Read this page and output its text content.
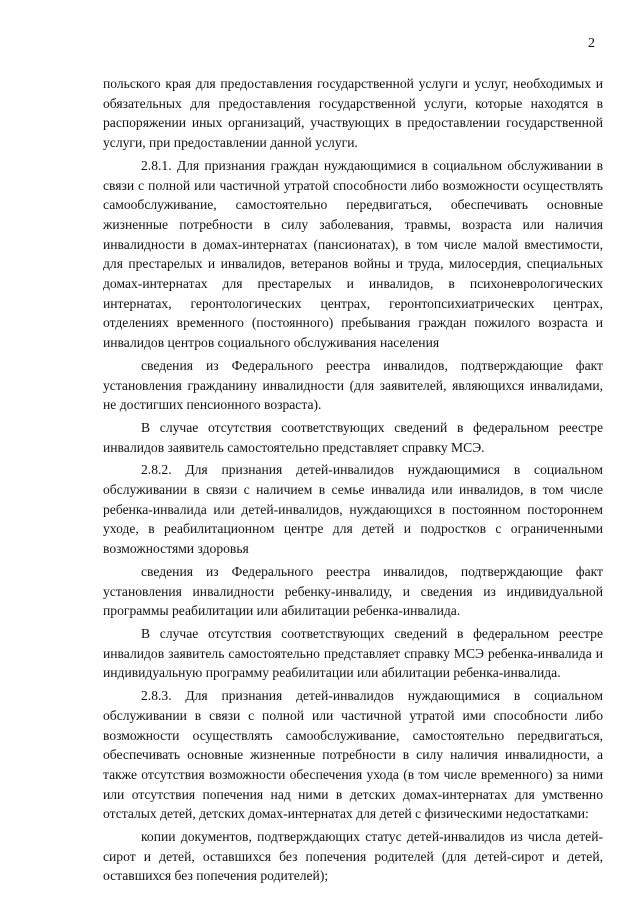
2

польского края для предоставления государственной услуги и услуг, необходимых и обязательных для предоставления государственной услуги, которые находятся в распоряжении иных организаций, участвующих в предоставлении государственной услуги, при предоставлении данной услуги.

2.8.1. Для признания граждан нуждающимися в социальном обслуживании в связи с полной или частичной утратой способности либо возможности осуществлять самообслуживание, самостоятельно передвигаться, обеспечивать основные жизненные потребности в силу заболевания, травмы, возраста или наличия инвалидности в домах-интернатах (пансионатах), в том числе малой вместимости, для престарелых и инвалидов, ветеранов войны и труда, милосердия, специальных домах-интернатах для престарелых и инвалидов, в психоневрологических интернатах, геронтологических центрах, геронтопсихиатрических центрах, отделениях временного (постоянного) пребывания граждан пожилого возраста и инвалидов центров социального обслуживания населения

сведения из Федерального реестра инвалидов, подтверждающие факт установления гражданину инвалидности (для заявителей, являющихся инвалидами, не достигших пенсионного возраста).

В случае отсутствия соответствующих сведений в федеральном реестре инвалидов заявитель самостоятельно представляет справку МСЭ.

2.8.2. Для признания детей-инвалидов нуждающимися в социальном обслуживании в связи с наличием в семье инвалида или инвалидов, в том числе ребенка-инвалида или детей-инвалидов, нуждающихся в постоянном постороннем уходе, в реабилитационном центре для детей и подростков с ограниченными возможностями здоровья

сведения из Федерального реестра инвалидов, подтверждающие факт установления инвалидности ребенку-инвалиду, и сведения из индивидуальной программы реабилитации или абилитации ребенка-инвалида.

В случае отсутствия соответствующих сведений в федеральном реестре инвалидов заявитель самостоятельно представляет справку МСЭ ребенка-инвалида и индивидуальную программу реабилитации или абилитации ребенка-инвалида.

2.8.3. Для признания детей-инвалидов нуждающимися в социальном обслуживании в связи с полной или частичной утратой ими способности либо возможности осуществлять самообслуживание, самостоятельно передвигаться, обеспечивать основные жизненные потребности в силу наличия инвалидности, а также отсутствия возможности обеспечения ухода (в том числе временного) за ними или отсутствия попечения над ними в детских домах-интернатах для умственно отсталых детей, детских домах-интернатах для детей с физическими недостатками:

копии документов, подтверждающих статус детей-инвалидов из числа детей-сирот и детей, оставшихся без попечения родителей (для детей-сирот и детей, оставшихся без попечения родителей);
